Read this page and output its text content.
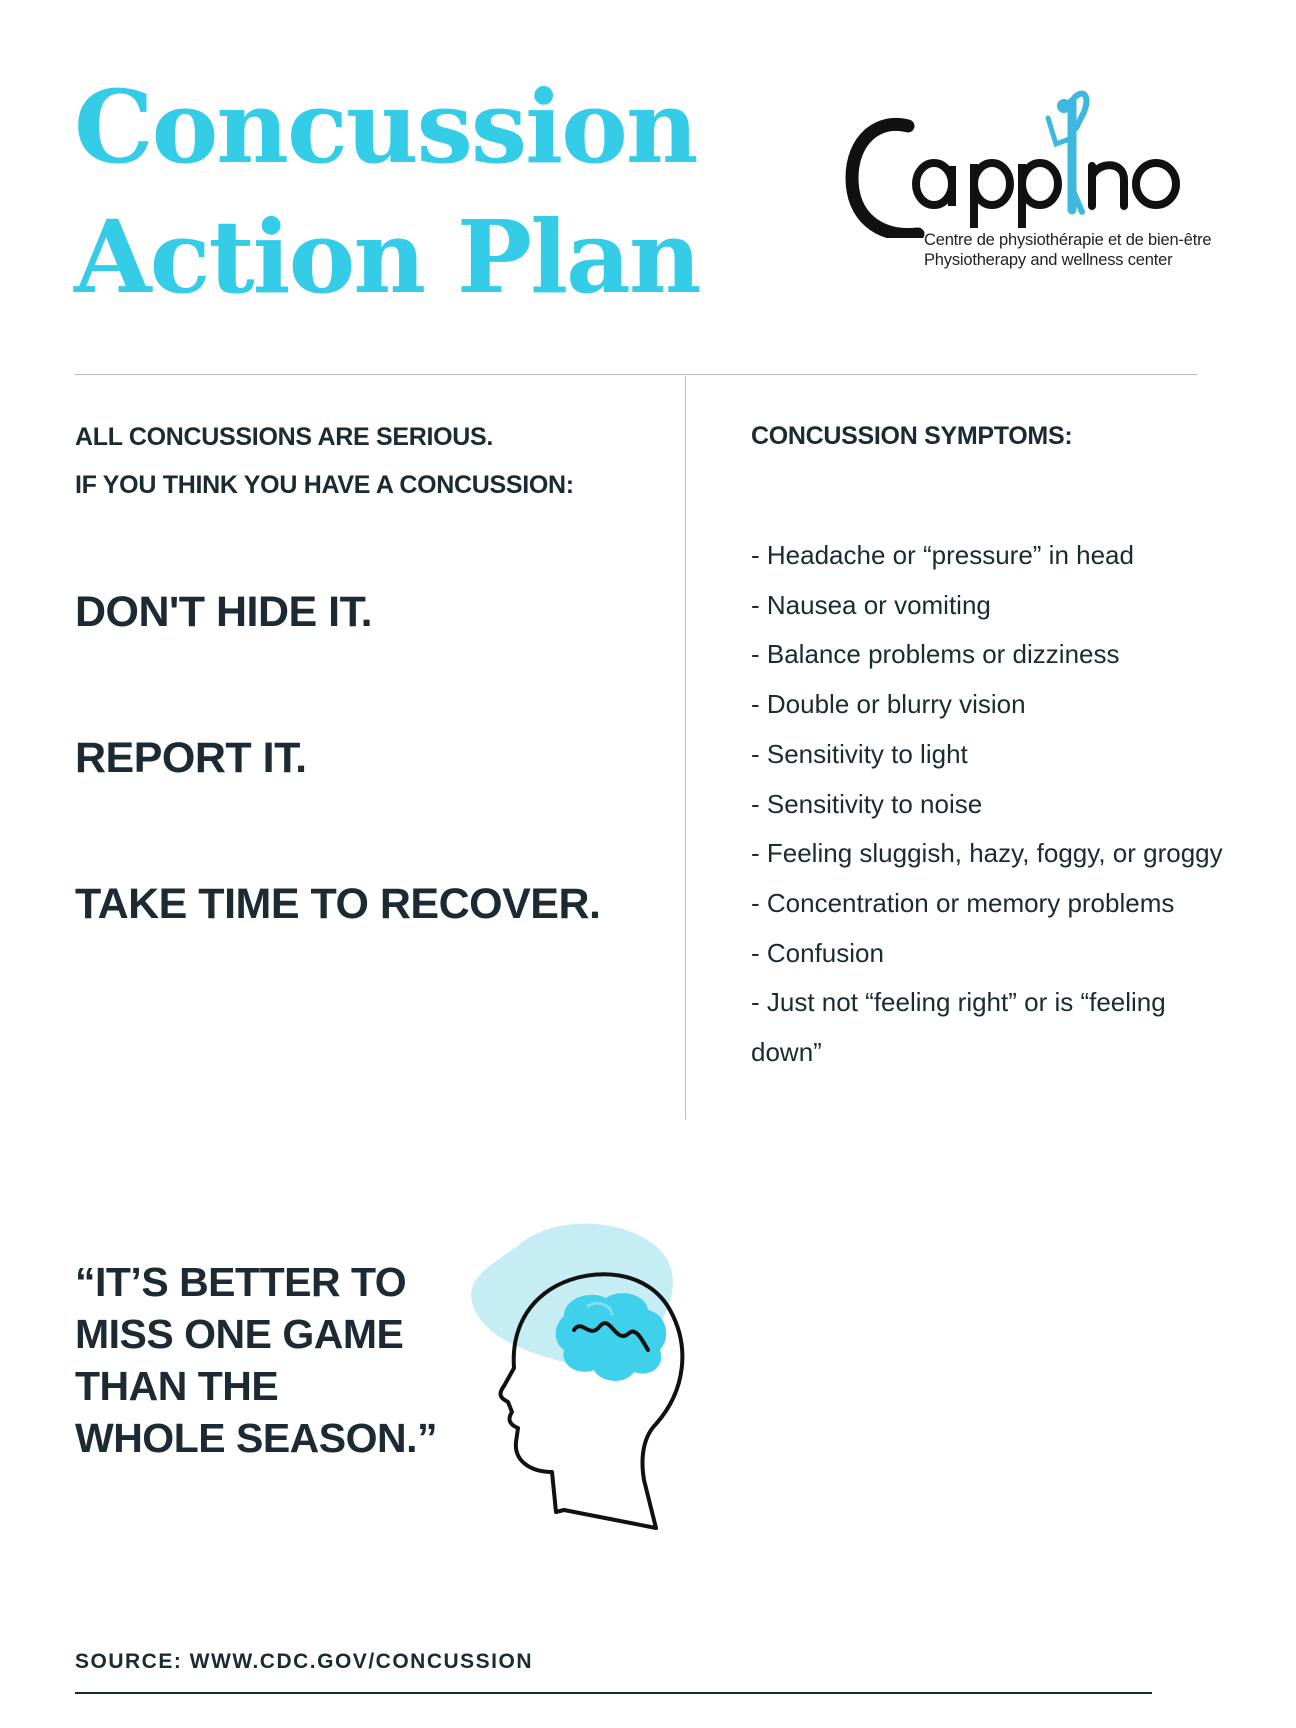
Concussion
Action Plan	Centre de physiothérapie et de bien-être
Physiotherapy and wellness center

ALL CONCUSSIONS ARE SERIOUS.
IF YOU THINK YOU HAVE A CONCUSSION:

DON'T HIDE IT.
REPORT IT.
TAKE TIME TO RECOVER.
CONCUSSION SYMPTOMS:
- Headache or “pressure” in head
- Nausea or vomiting
- Balance problems or dizziness
- Double or blurry vision
- Sensitivity to light
- Sensitivity to noise
- Feeling sluggish, hazy, foggy, or groggy
- Concentration or memory problems
- Confusion
- Just not “feeling right” or is “feeling
down”

“IT’S BETTER TO
MISS ONE GAME
THAN THE
WHOLE SEASON.”

SOURCE: WWW.CDC.GOV/CONCUSSION
